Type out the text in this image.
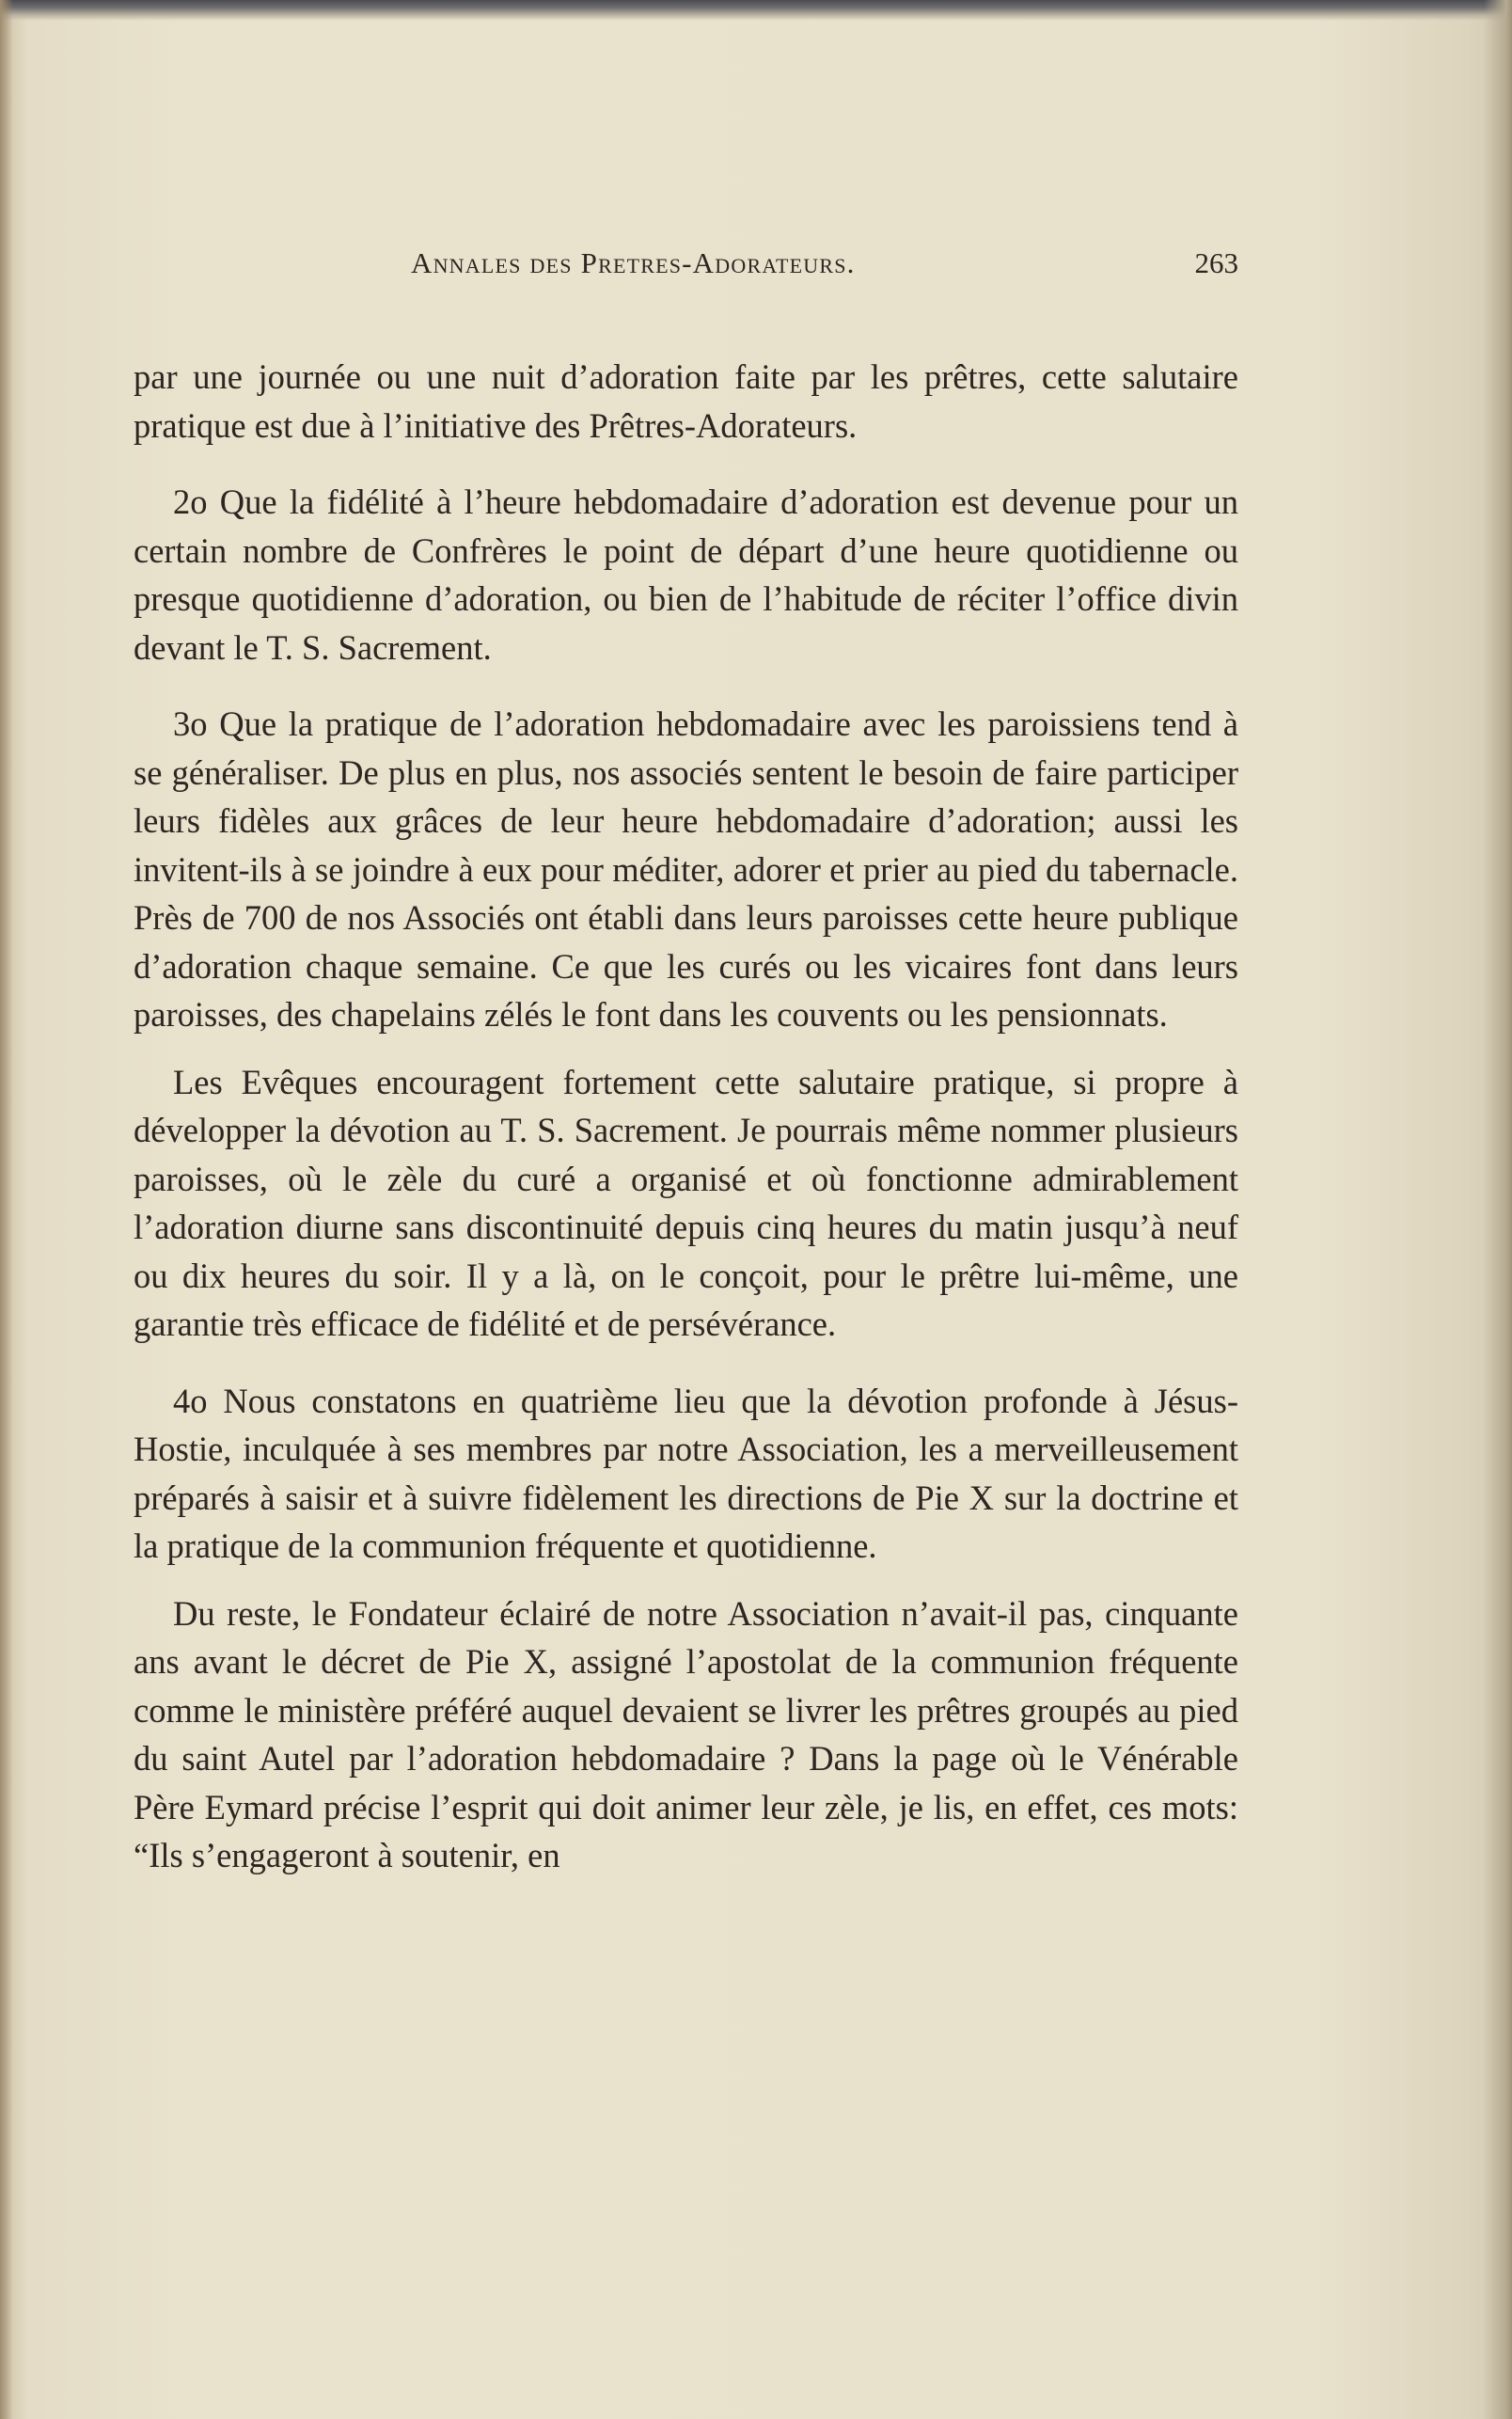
Annales des Pretres-Adorateurs.	263

par une journée ou une nuit d’adoration faite par les prêtres, cette salutaire pratique est due à l’initiative des Prêtres-Adorateurs.

2o Que la fidélité à l’heure hebdomadaire d’adoration est devenue pour un certain nombre de Confrères le point de départ d’une heure quotidienne ou presque quotidienne d’adoration, ou bien de l’habitude de réciter l’office divin devant le T. S. Sacrement.

3o Que la pratique de l’adoration hebdomadaire avec les paroissiens tend à se généraliser. De plus en plus, nos associés sentent le besoin de faire participer leurs fidèles aux grâces de leur heure hebdomadaire d’adoration; aussi les invitent-ils à se joindre à eux pour méditer, adorer et prier au pied du tabernacle. Près de 700 de nos Associés ont établi dans leurs paroisses cette heure publique d’adoration chaque semaine. Ce que les curés ou les vicaires font dans leurs paroisses, des chapelains zélés le font dans les couvents ou les pensionnats.

Les Evêques encouragent fortement cette salutaire pratique, si propre à développer la dévotion au T. S. Sacrement. Je pourrais même nommer plusieurs paroisses, où le zèle du curé a organisé et où fonctionne admirablement l’adoration diurne sans discontinuité depuis cinq heures du matin jusqu’à neuf ou dix heures du soir. Il y a là, on le conçoit, pour le prêtre lui-même, une garantie très efficace de fidélité et de persévérance.

4o Nous constatons en quatrième lieu que la dévotion profonde à Jésus-Hostie, inculquée à ses membres par notre Association, les a merveilleusement préparés à saisir et à suivre fidèlement les directions de Pie X sur la doctrine et la pratique de la communion fréquente et quotidienne.

Du reste, le Fondateur éclairé de notre Association n’avait-il pas, cinquante ans avant le décret de Pie X, assigné l’apostolat de la communion fréquente comme le ministère préféré auquel devaient se livrer les prêtres groupés au pied du saint Autel par l’adoration hebdomadaire ? Dans la page où le Vénérable Père Eymard précise l’esprit qui doit animer leur zèle, je lis, en effet, ces mots: “Ils s’engageront à soutenir, en
